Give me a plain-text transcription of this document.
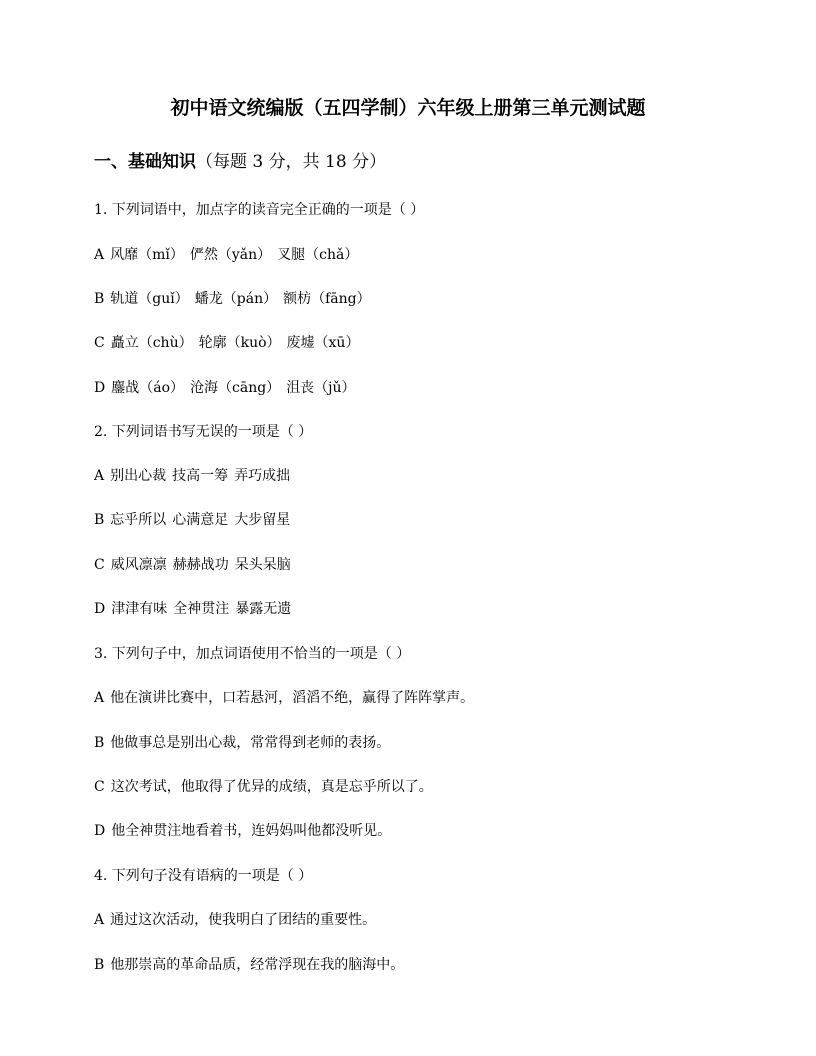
初中语文统编版（五四学制）六年级上册第三单元测试题

一、基础知识（每题 3 分，共 18 分）

1. 下列词语中，加点字的读音完全正确的一项是（ ）

A 风靡（mǐ） 俨然（yǎn） 叉腿（chǎ）

B 轨道（guǐ） 蟠龙（pán） 额枋（fāng）

C 矗立（chù） 轮廓（kuò） 废墟（xū）

D 鏖战（áo） 沧海（cāng） 沮丧（jǔ）

2. 下列词语书写无误的一项是（ ）

A 别出心裁 技高一筹 弄巧成拙

B 忘乎所以 心满意足 大步留星

C 威风凛凛 赫赫战功 呆头呆脑

D 津津有味 全神贯注 暴露无遗

3. 下列句子中，加点词语使用不恰当的一项是（ ）

A 他在演讲比赛中，口若悬河，滔滔不绝，赢得了阵阵掌声。

B 他做事总是别出心裁，常常得到老师的表扬。

C 这次考试，他取得了优异的成绩，真是忘乎所以了。

D 他全神贯注地看着书，连妈妈叫他都没听见。

4. 下列句子没有语病的一项是（ ）

A 通过这次活动，使我明白了团结的重要性。

B 他那崇高的革命品质，经常浮现在我的脑海中。
